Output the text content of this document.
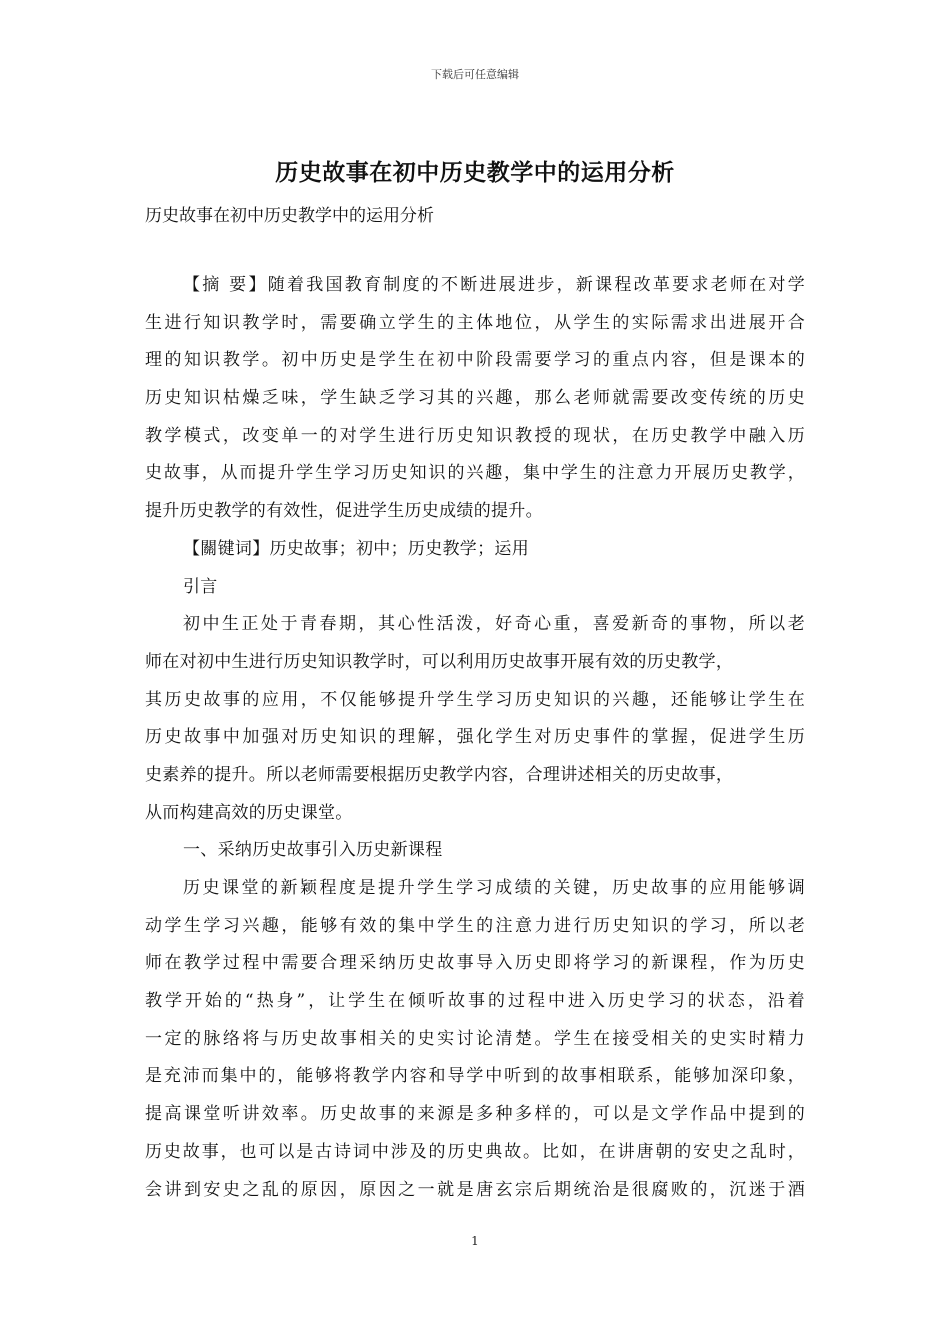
下载后可任意编辑
历史故事在初中历史教学中的运用分析
历史故事在初中历史教学中的运用分析
【摘 要】随着我国教育制度的不断进展进步，新课程改革要求老师在对学
生进行知识教学时，需要确立学生的主体地位，从学生的实际需求出进展开合
理的知识教学。初中历史是学生在初中阶段需要学习的重点内容，但是课本的
历史知识枯燥乏味，学生缺乏学习其的兴趣，那么老师就需要改变传统的历史
教学模式，改变单一的对学生进行历史知识教授的现状，在历史教学中融入历
史故事，从而提升学生学习历史知识的兴趣，集中学生的注意力开展历史教学，
提升历史教学的有效性，促进学生历史成绩的提升。
【關键词】历史故事；初中；历史教学；运用
引言
初中生正处于青春期，其心性活泼，好奇心重，喜爱新奇的事物，所以老
师在对初中生进行历史知识教学时，可以利用历史故事开展有效的历史教学，
其历史故事的应用，不仅能够提升学生学习历史知识的兴趣，还能够让学生在
历史故事中加强对历史知识的理解，强化学生对历史事件的掌握，促进学生历
史素养的提升。所以老师需要根据历史教学内容，合理讲述相关的历史故事，
从而构建高效的历史课堂。
一、采纳历史故事引入历史新课程
历史课堂的新颖程度是提升学生学习成绩的关键，历史故事的应用能够调
动学生学习兴趣，能够有效的集中学生的注意力进行历史知识的学习，所以老
师在教学过程中需要合理采纳历史故事导入历史即将学习的新课程，作为历史
教学开始的“热身”，让学生在倾听故事的过程中进入历史学习的状态，沿着
一定的脉络将与历史故事相关的史实讨论清楚。学生在接受相关的史实时精力
是充沛而集中的，能够将教学内容和导学中听到的故事相联系，能够加深印象，
提高课堂听讲效率。历史故事的来源是多种多样的，可以是文学作品中提到的
历史故事，也可以是古诗词中涉及的历史典故。比如，在讲唐朝的安史之乱时，
会讲到安史之乱的原因，原因之一就是唐玄宗后期统治是很腐败的，沉迷于酒
1
